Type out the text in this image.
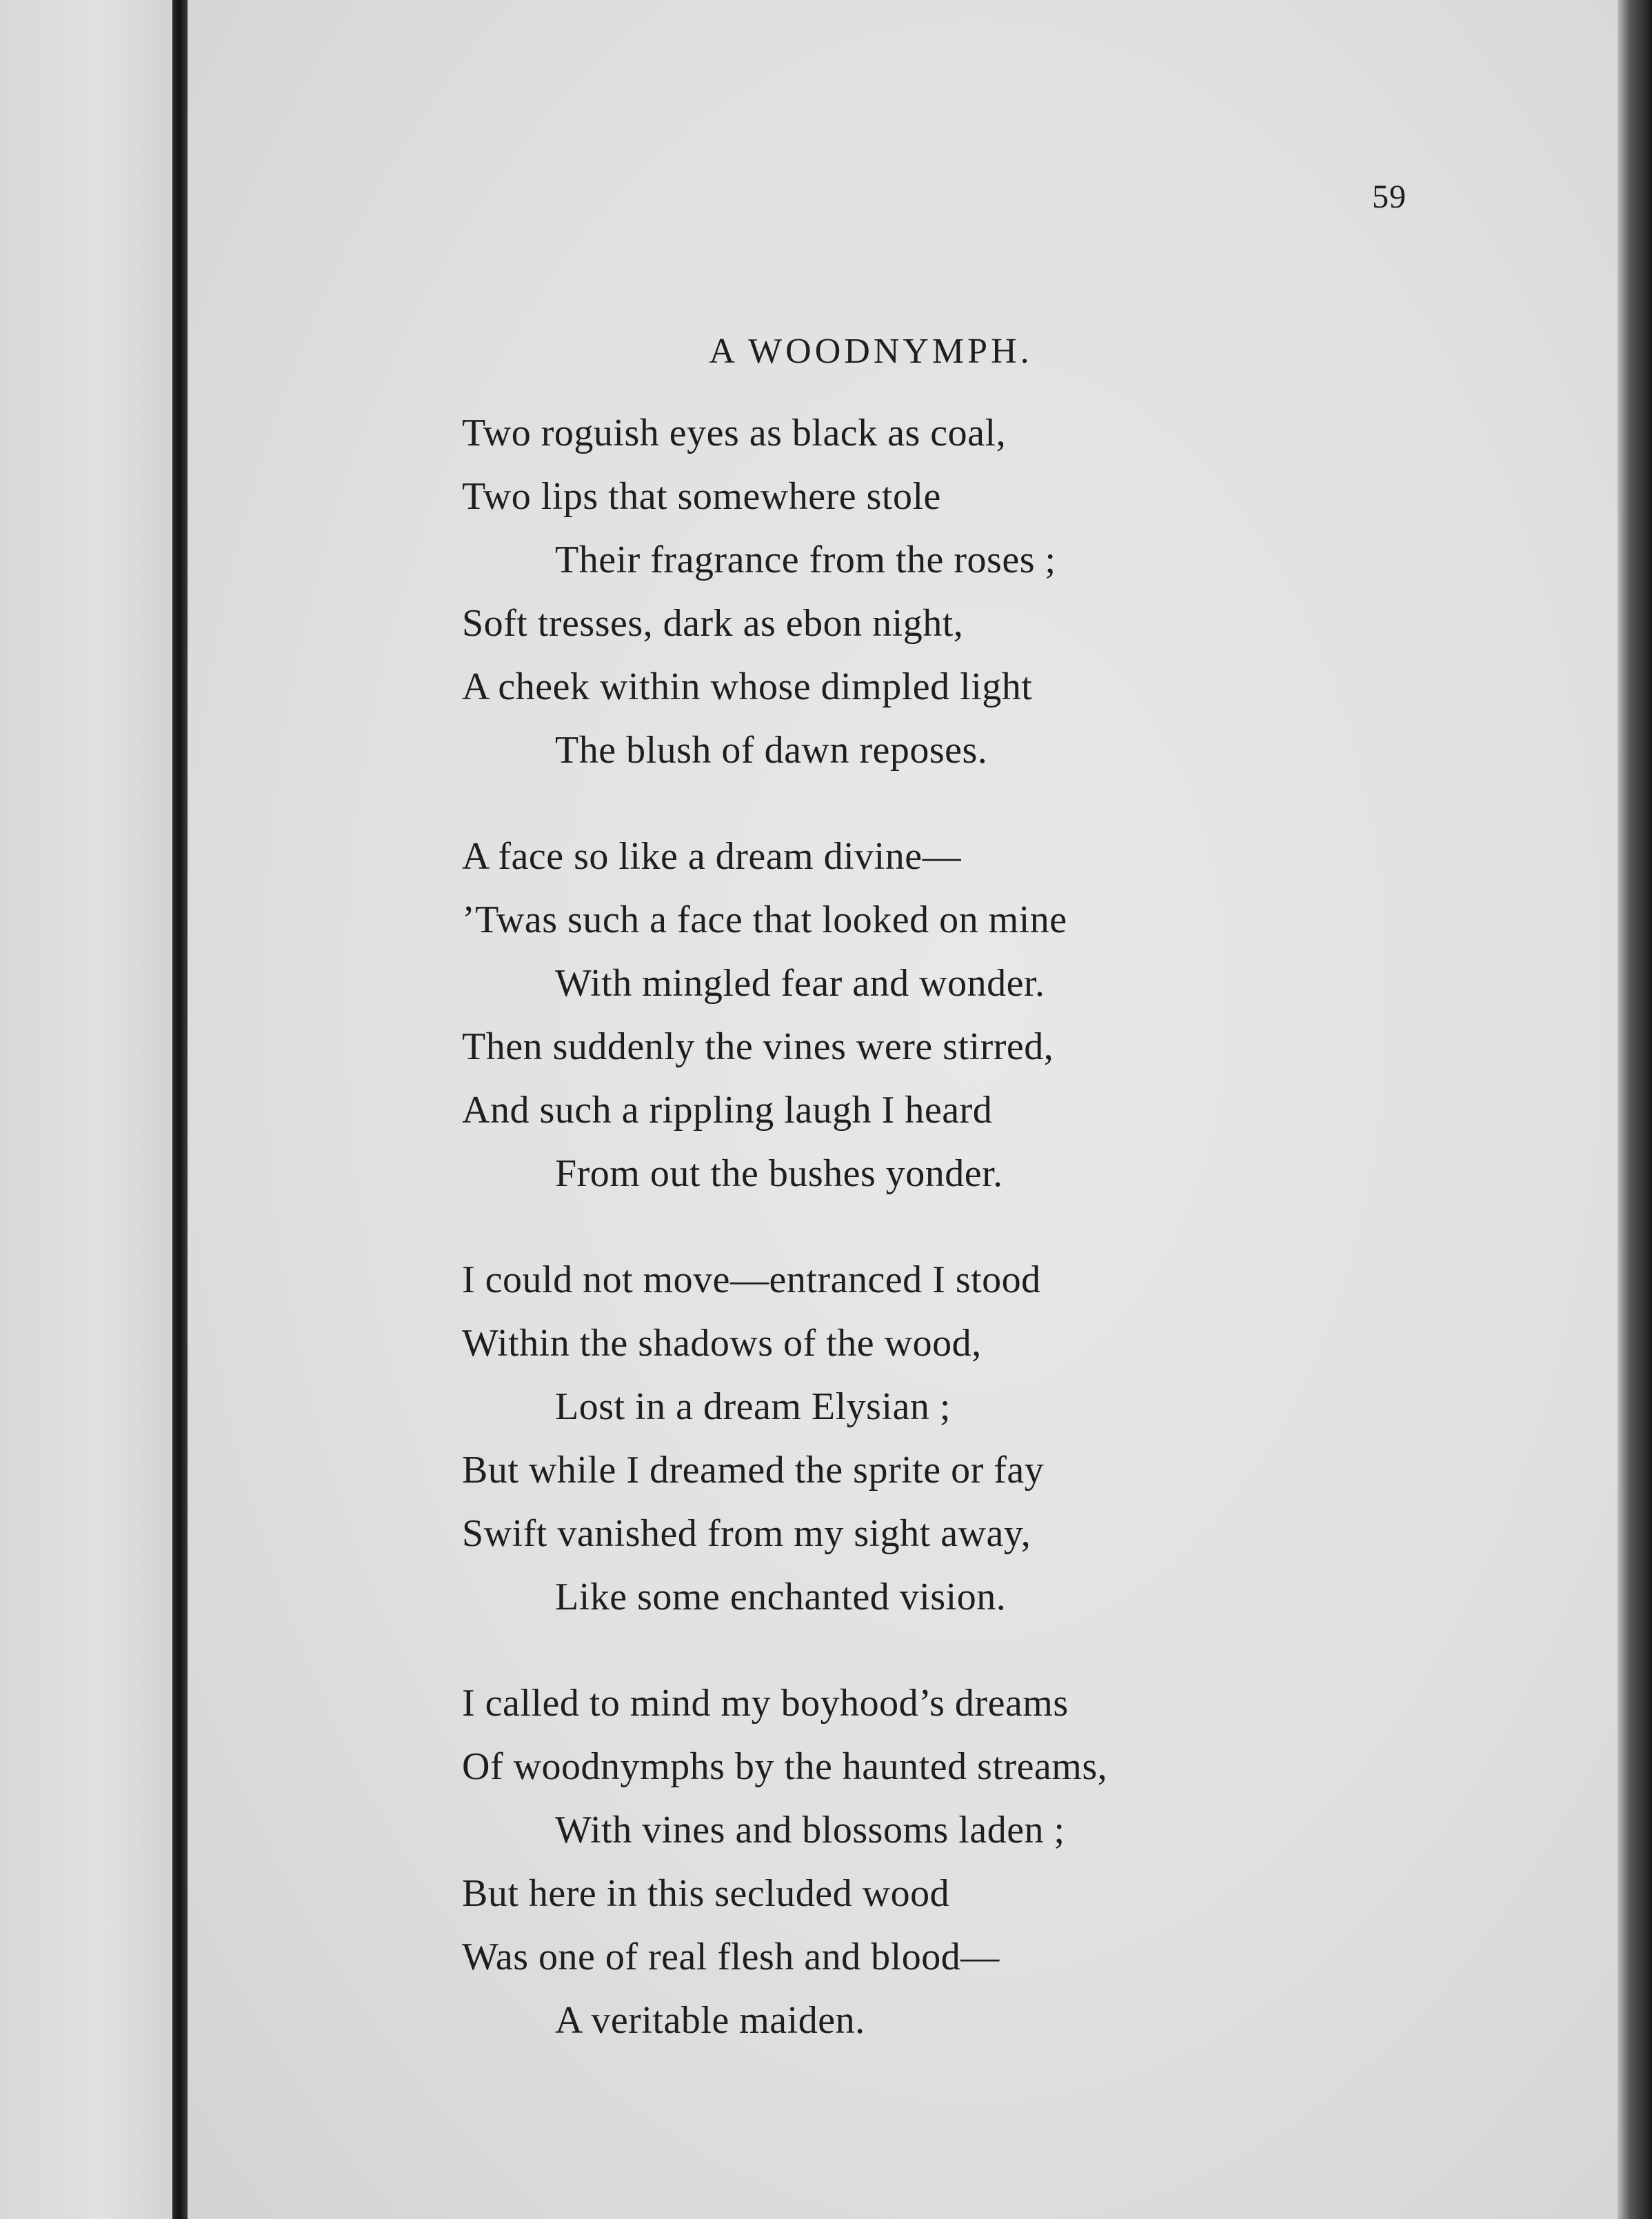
59
A WOODNYMPH.
Two roguish eyes as black as coal,
Two lips that somewhere stole
Their fragrance from the roses ;
Soft tresses, dark as ebon night,
A cheek within whose dimpled light
The blush of dawn reposes.
A face so like a dream divine—
’Twas such a face that looked on mine
With mingled fear and wonder.
Then suddenly the vines were stirred,
And such a rippling laugh I heard
From out the bushes yonder.
I could not move—entranced I stood
Within the shadows of the wood,
Lost in a dream Elysian ;
But while I dreamed the sprite or fay
Swift vanished from my sight away,
Like some enchanted vision.
I called to mind my boyhood’s dreams
Of woodnymphs by the haunted streams,
With vines and blossoms laden ;
But here in this secluded wood
Was one of real flesh and blood—
A veritable maiden.
